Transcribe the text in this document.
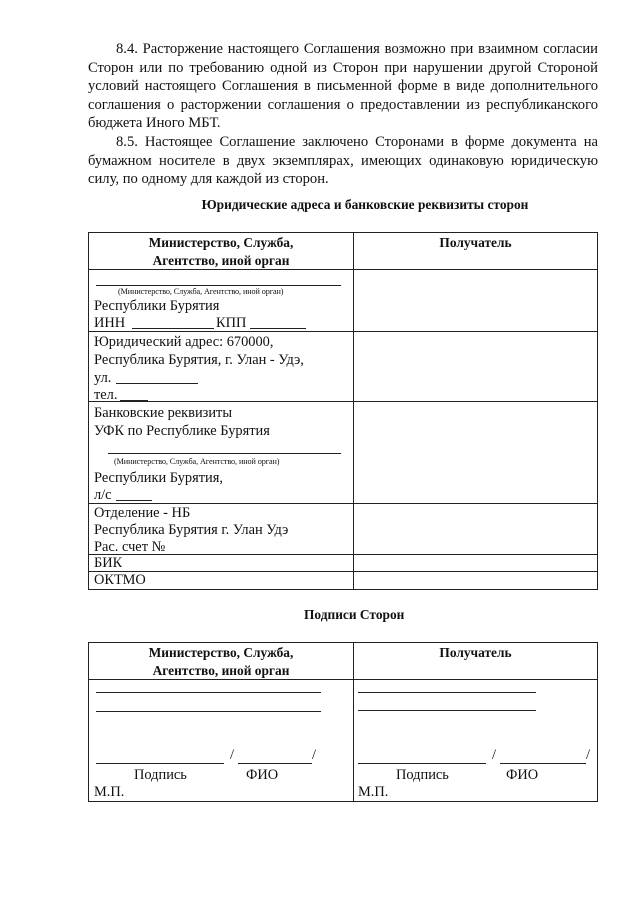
8.4. Расторжение настоящего Соглашения возможно при взаимном согласии Сторон или по требованию одной из Сторон при нарушении другой Стороной условий настоящего Соглашения в письменной форме в виде дополнительного соглашения о расторжении соглашения о предоставлении из республиканского бюджета Иного МБТ.

8.5. Настоящее Соглашение заключено Сторонами в форме документа на бумажном носителе в двух экземплярах, имеющих одинаковую юридическую силу, по одному для каждой из сторон.

Юридические адреса и банковские реквизиты сторон
Министерство, Служба,
Агентство, иной орган
Получатель
(Министерство, Служба, Агентство, иной орган)
Республики Бурятия
ИНН	КПП
Юридический адрес: 670000,
Республика Бурятия, г. Улан - Удэ,
ул.
тел.
Банковские реквизиты
УФК по Республике Бурятия
(Министерство, Служба, Агентство, иной орган)
Республики Бурятия,
л/с
Отделение - НБ
Республика Бурятия г. Улан Удэ
Рас. счет №
БИК
ОКТМО
Подписи Сторон
Министерство, Служба,
Агентство, иной орган
Получатель
/	/
Подпись	ФИО
М.П.
/	/
Подпись	ФИО
М.П.
